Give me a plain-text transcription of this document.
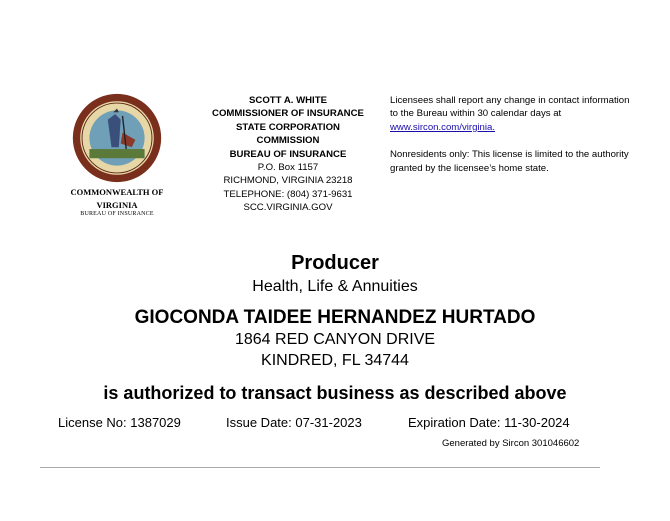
COMMONWEALTH OF
VIRGINIA
BUREAU OF INSURANCE
SCOTT A. WHITE
COMMISSIONER OF INSURANCE
STATE CORPORATION
COMMISSION
BUREAU OF INSURANCE
P.O. Box 1157
RICHMOND, VIRGINIA 23218
TELEPHONE: (804) 371-9631
SCC.VIRGINIA.GOV
Licensees shall report any change in contact information to the Bureau within 30 calendar days at www.sircon.com/virginia.
Nonresidents only: This license is limited to the authority granted by the licensee’s home state.
Producer
Health, Life & Annuities
GIOCONDA TAIDEE HERNANDEZ HURTADO
1864 RED CANYON DRIVE
KINDRED, FL 34744
is authorized to transact business as described above
License No: 1387029	Issue Date: 07-31-2023	Expiration Date: 11-30-2024
Generated by Sircon 301046602
